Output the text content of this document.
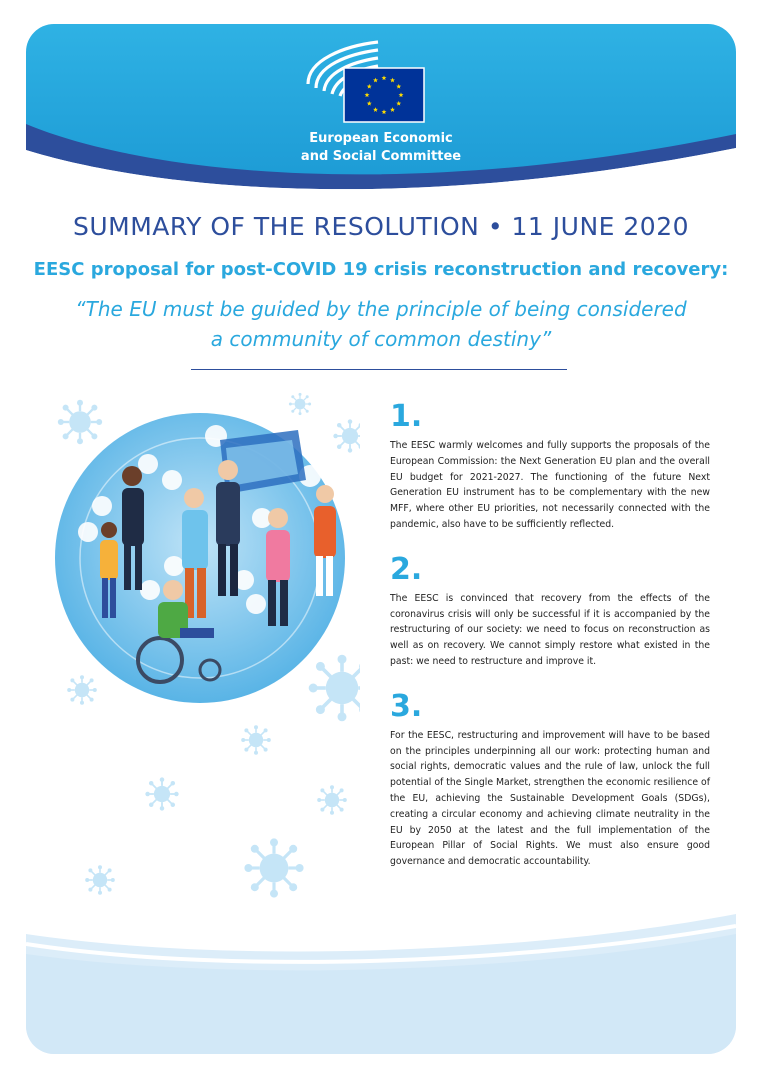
European Economic
and Social Committee
SUMMARY OF THE RESOLUTION • 11 JUNE 2020
EESC proposal for post-COVID 19 crisis reconstruction and recovery:
“The EU must be guided by the principle of being considered
a community of common destiny”
1.
The EESC warmly welcomes and fully supports the proposals of the European Commission: the Next Generation EU plan and the overall EU budget for 2021-2027. The functioning of the future Next Generation EU instrument has to be complementary with the new MFF, where other EU priorities, not necessarily connected with the pandemic, also have to be sufficiently reflected.
2.
The EESC is convinced that recovery from the effects of the coronavirus crisis will only be successful if it is accompanied by the restructuring of our society: we need to focus on reconstruction as well as on recovery. We cannot simply restore what existed in the past: we need to restructure and improve it.
3.
For the EESC, restructuring and improvement will have to be based on the principles underpinning all our work: protecting human and social rights, democratic values and the rule of law, unlock the full potential of the Single Market, strengthen the economic resilience of the EU, achieving the Sustainable Development Goals (SDGs), creating a circular economy and achieving climate neutrality in the EU by 2050 at the latest and the full implementation of the European Pillar of Social Rights. We must also ensure good governance and democratic accountability.
